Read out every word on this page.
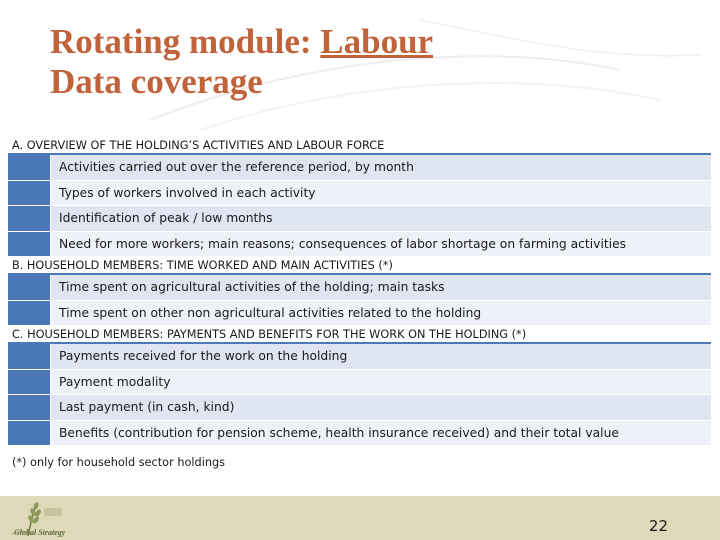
Rotating module: Labour
Data coverage
A. OVERVIEW OF THE HOLDING’S ACTIVITIES AND LABOUR FORCE
Activities carried out over the reference period, by month
Types of workers involved in each activity
Identification of peak / low months
Need for more workers; main reasons; consequences of labor shortage on farming activities
B. HOUSEHOLD MEMBERS: TIME WORKED AND MAIN ACTIVITIES (*)
Time spent on agricultural activities of the holding; main tasks
Time spent on other non agricultural activities related to the holding
C. HOUSEHOLD MEMBERS: PAYMENTS AND BENEFITS FOR THE WORK ON THE HOLDING (*)
Payments received for the work on the holding
Payment modality
Last payment (in cash, kind)
Benefits (contribution for pension scheme, health insurance received) and their total value
(*) only for household sector holdings
Global Strategy	22
